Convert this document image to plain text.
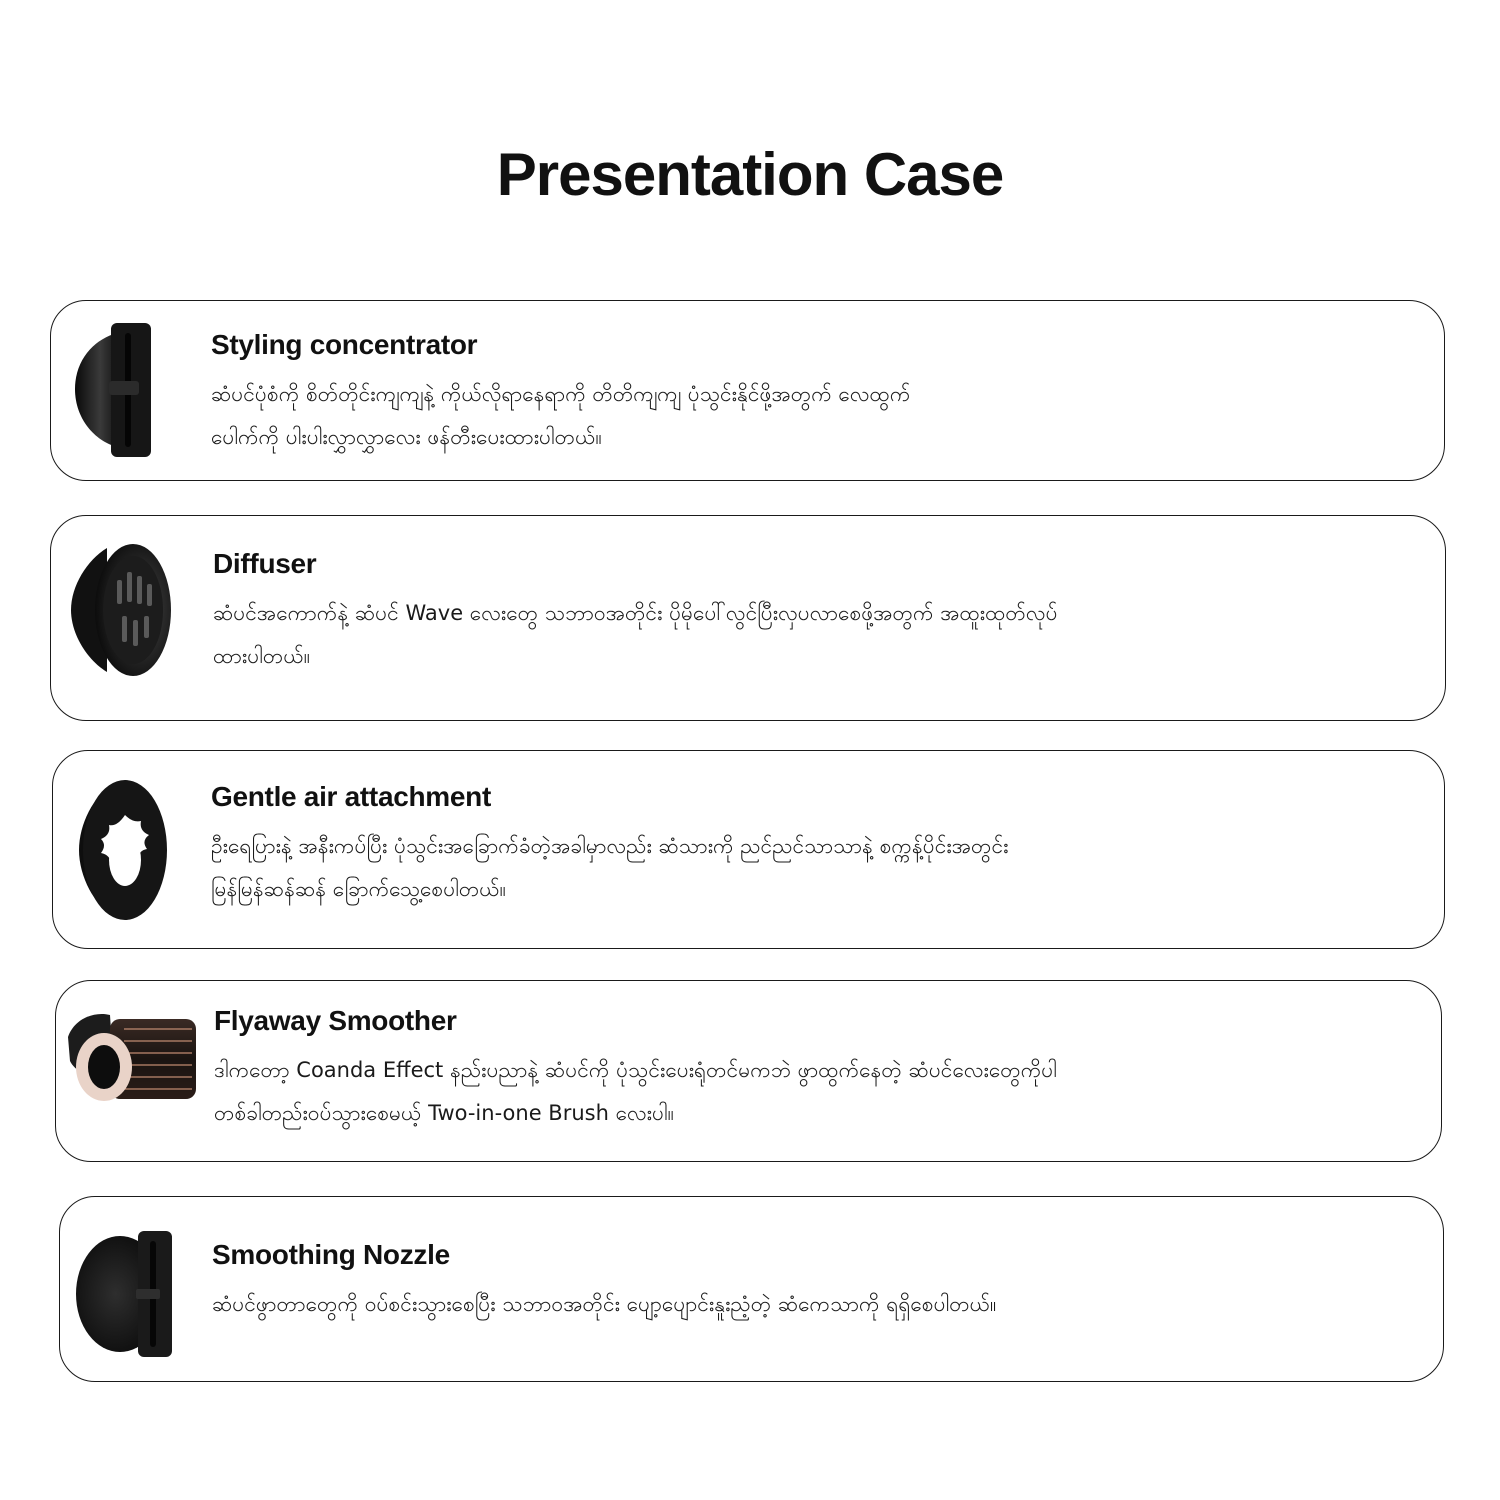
Presentation Case
Styling concentrator

ဆံပင်ပုံစံကို စိတ်တိုင်းကျကျနဲ့ ကိုယ်လိုရာနေရာကို တိတိကျကျ ပုံသွင်းနိုင်ဖို့အတွက် လေထွက်
ပေါက်ကို ပါးပါးလွှာလွှာလေး ဖန်တီးပေးထားပါတယ်။

Diffuser

ဆံပင်အကောက်နဲ့ ဆံပင် Wave လေးတွေ သဘာဝအတိုင်း ပိုမိုပေါ်လွင်ပြီးလှပလာစေဖို့အတွက် အထူးထုတ်လုပ်
ထားပါတယ်။

Gentle air attachment

ဦးရေပြားနဲ့ အနီးကပ်ပြီး ပုံသွင်းအခြောက်ခံတဲ့အခါမှာလည်း ဆံသားကို ညင်ညင်သာသာနဲ့ စက္ကန့်ပိုင်းအတွင်း
မြန်မြန်ဆန်ဆန် ခြောက်သွေ့စေပါတယ်။

Flyaway Smoother

ဒါကတော့ Coanda Effect နည်းပညာနဲ့ ဆံပင်ကို ပုံသွင်းပေးရုံတင်မကဘဲ ဖွာထွက်နေတဲ့ ဆံပင်လေးတွေကိုပါ
တစ်ခါတည်းဝပ်သွားစေမယ့် Two-in-one Brush လေးပါ။

Smoothing Nozzle

ဆံပင်ဖွာတာတွေကို ဝပ်စင်းသွားစေပြီး သဘာဝအတိုင်း ပျော့ပျောင်းနူးညံ့တဲ့ ဆံကေသာကို ရရှိစေပါတယ်။
